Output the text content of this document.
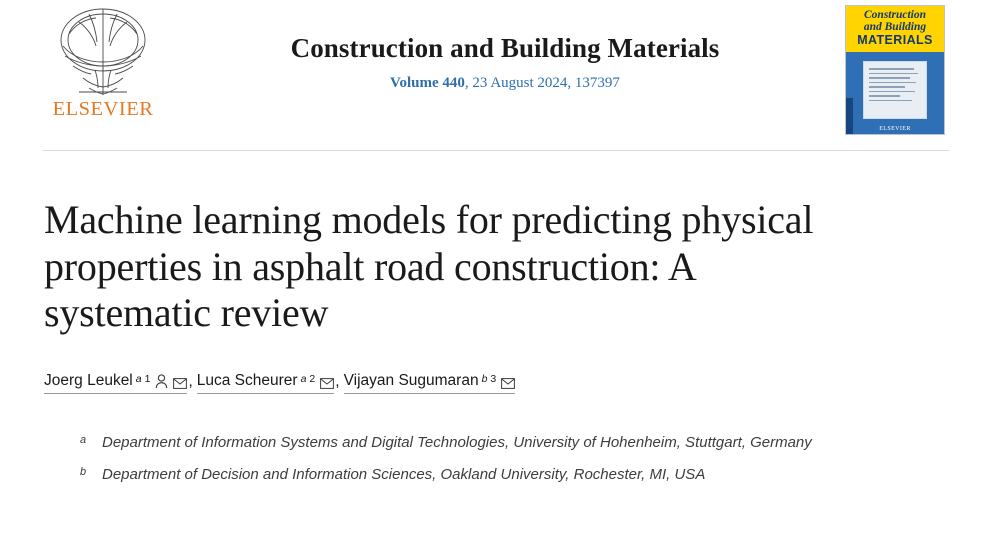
ELSEVIER
Construction and Building Materials
Volume 440, 23 August 2024, 137397
Construction
and Building
MATERIALS
ELSEVIER
Machine learning models for predicting physical properties in asphalt road construction: A systematic review
Joerg Leukel a 1 , Luca Scheurer a 2 , Vijayan Sugumaran b 3
a	Department of Information Systems and Digital Technologies, University of Hohenheim, Stuttgart, Germany
b	Department of Decision and Information Sciences, Oakland University, Rochester, MI, USA
